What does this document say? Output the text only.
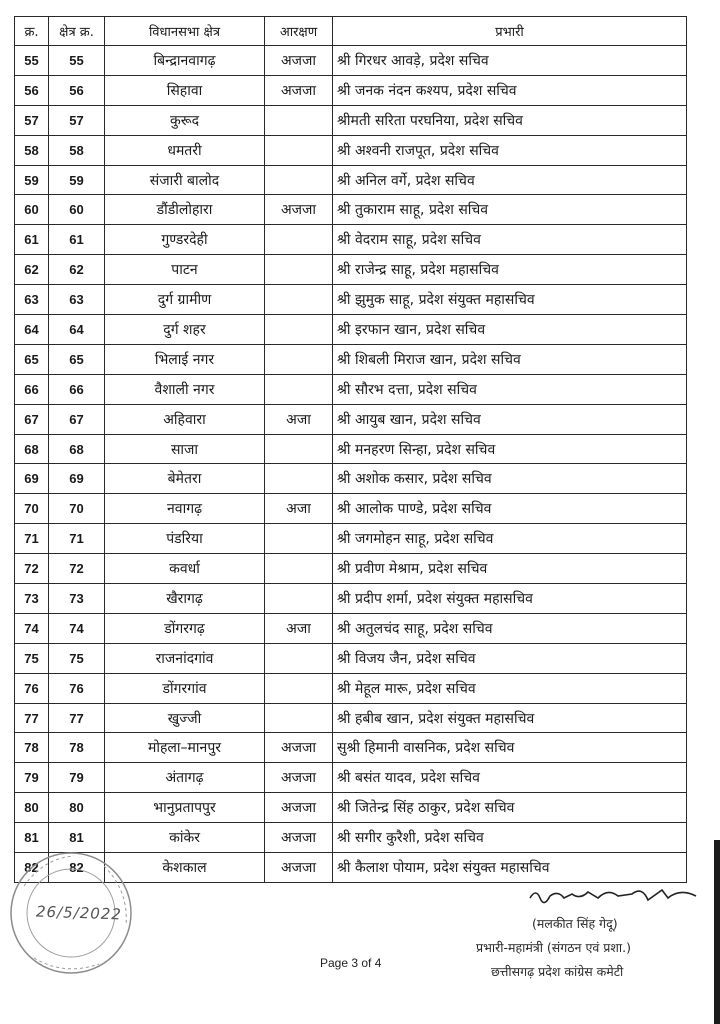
क्र.	क्षेत्र क्र.	विधानसभा क्षेत्र	आरक्षण	प्रभारी
55	55	बिन्द्रानवागढ़	अजजा	श्री गिरधर आवड़े, प्रदेश सचिव
56	56	सिहावा	अजजा	श्री जनक नंदन कश्यप, प्रदेश सचिव
57	57	कुरूद		श्रीमती सरिता परघनिया, प्रदेश सचिव
58	58	धमतरी		श्री अश्वनी राजपूत, प्रदेश सचिव
59	59	संजारी बालोद		श्री अनिल वर्गे, प्रदेश सचिव
60	60	डौंडीलोहारा	अजजा	श्री तुकाराम साहू, प्रदेश सचिव
61	61	गुण्डरदेही		श्री वेदराम साहू, प्रदेश सचिव
62	62	पाटन		श्री राजेन्द्र साहू, प्रदेश महासचिव
63	63	दुर्ग ग्रामीण		श्री झुमुक साहू, प्रदेश संयुक्त महासचिव
64	64	दुर्ग शहर		श्री इरफान खान, प्रदेश सचिव
65	65	भिलाई नगर		श्री शिबली मिराज खान, प्रदेश सचिव
66	66	वैशाली नगर		श्री सौरभ दत्ता, प्रदेश सचिव
67	67	अहिवारा	अजा	श्री आयुब खान, प्रदेश सचिव
68	68	साजा		श्री मनहरण सिन्हा, प्रदेश सचिव
69	69	बेमेतरा		श्री अशोक कसार, प्रदेश सचिव
70	70	नवागढ़	अजा	श्री आलोक पाण्डे, प्रदेश सचिव
71	71	पंडरिया		श्री जगमोहन साहू, प्रदेश सचिव
72	72	कवर्धा		श्री प्रवीण मेश्राम, प्रदेश सचिव
73	73	खैरागढ़		श्री प्रदीप शर्मा, प्रदेश संयुक्त महासचिव
74	74	डोंगरगढ़	अजा	श्री अतुलचंद साहू, प्रदेश सचिव
75	75	राजनांदगांव		श्री विजय जैन, प्रदेश सचिव
76	76	डोंगरगांव		श्री मेहूल मारू, प्रदेश सचिव
77	77	खुज्जी		श्री हबीब खान, प्रदेश संयुक्त महासचिव
78	78	मोहला–मानपुर	अजजा	सुश्री हिमानी वासनिक, प्रदेश सचिव
79	79	अंतागढ़	अजजा	श्री बसंत यादव, प्रदेश सचिव
80	80	भानुप्रतापपुर	अजजा	श्री जितेन्द्र सिंह ठाकुर, प्रदेश सचिव
81	81	कांकेर	अजजा	श्री सगीर कुरैशी, प्रदेश सचिव
82	82	केशकाल	अजजा	श्री कैलाश पोयाम, प्रदेश संयुक्त महासचिव
26/5/2022
(मलकीत सिंह गेदू)
प्रभारी-महामंत्री (संगठन एवं प्रशा.)
छत्तीसगढ़ प्रदेश कांग्रेस कमेटी
Page 3 of 4
